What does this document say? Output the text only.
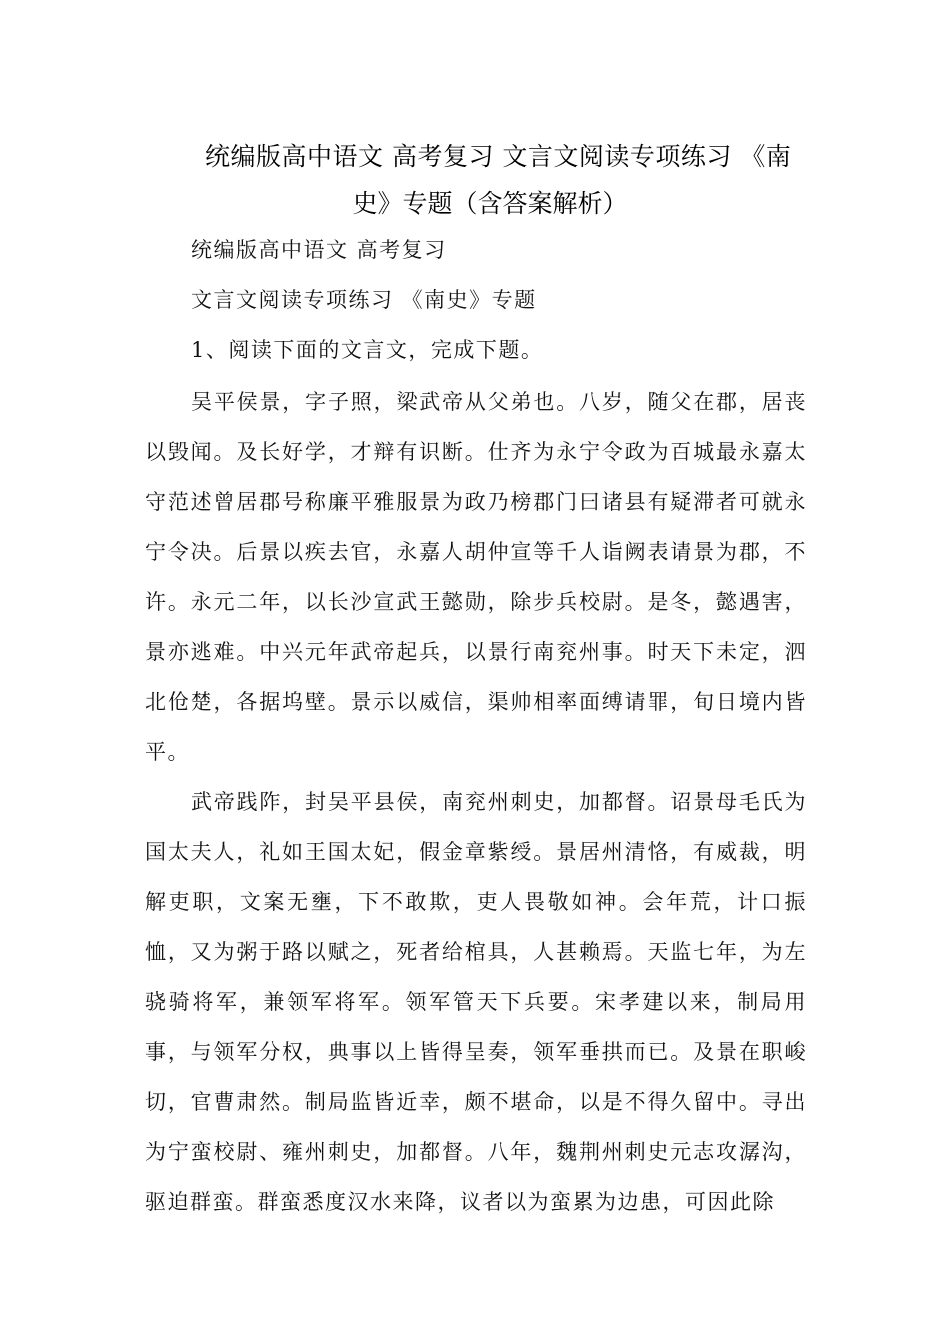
统编版高中语文 高考复习 文言文阅读专项练习 《南
史》专题（含答案解析）

统编版高中语文 高考复习

文言文阅读专项练习 《南史》专题

1、阅读下面的文言文，完成下题。

吴平侯景，字子照，梁武帝从父弟也。八岁，随父在郡，居丧以毁闻。及长好学，才辩有识断。仕齐为永宁令政为百城最永嘉太守范述曾居郡号称廉平雅服景为政乃榜郡门曰诸县有疑滞者可就永宁令决。后景以疾去官，永嘉人胡仲宣等千人诣阙表请景为郡，不许。永元二年，以长沙宣武王懿勋，除步兵校尉。是冬，懿遇害，景亦逃难。中兴元年武帝起兵，以景行南兖州事。时天下未定，泗北伧楚，各据坞壁。景示以威信，渠帅相率面缚请罪，旬日境内皆平。

武帝践阼，封吴平县侯，南兖州刺史，加都督。诏景母毛氏为国太夫人，礼如王国太妃，假金章紫绶。景居州清恪，有威裁，明解吏职，文案无壅，下不敢欺，吏人畏敬如神。会年荒，计口振恤，又为粥于路以赋之，死者给棺具，人甚赖焉。天监七年，为左骁骑将军，兼领军将军。领军管天下兵要。宋孝建以来，制局用事，与领军分权，典事以上皆得呈奏，领军垂拱而已。及景在职峻切，官曹肃然。制局监皆近幸，颇不堪命，以是不得久留中。寻出为宁蛮校尉、雍州刺史，加都督。八年，魏荆州刺史元志攻潺沟，驱迫群蛮。群蛮悉度汉水来降，议者以为蛮累为边患，可因此除
